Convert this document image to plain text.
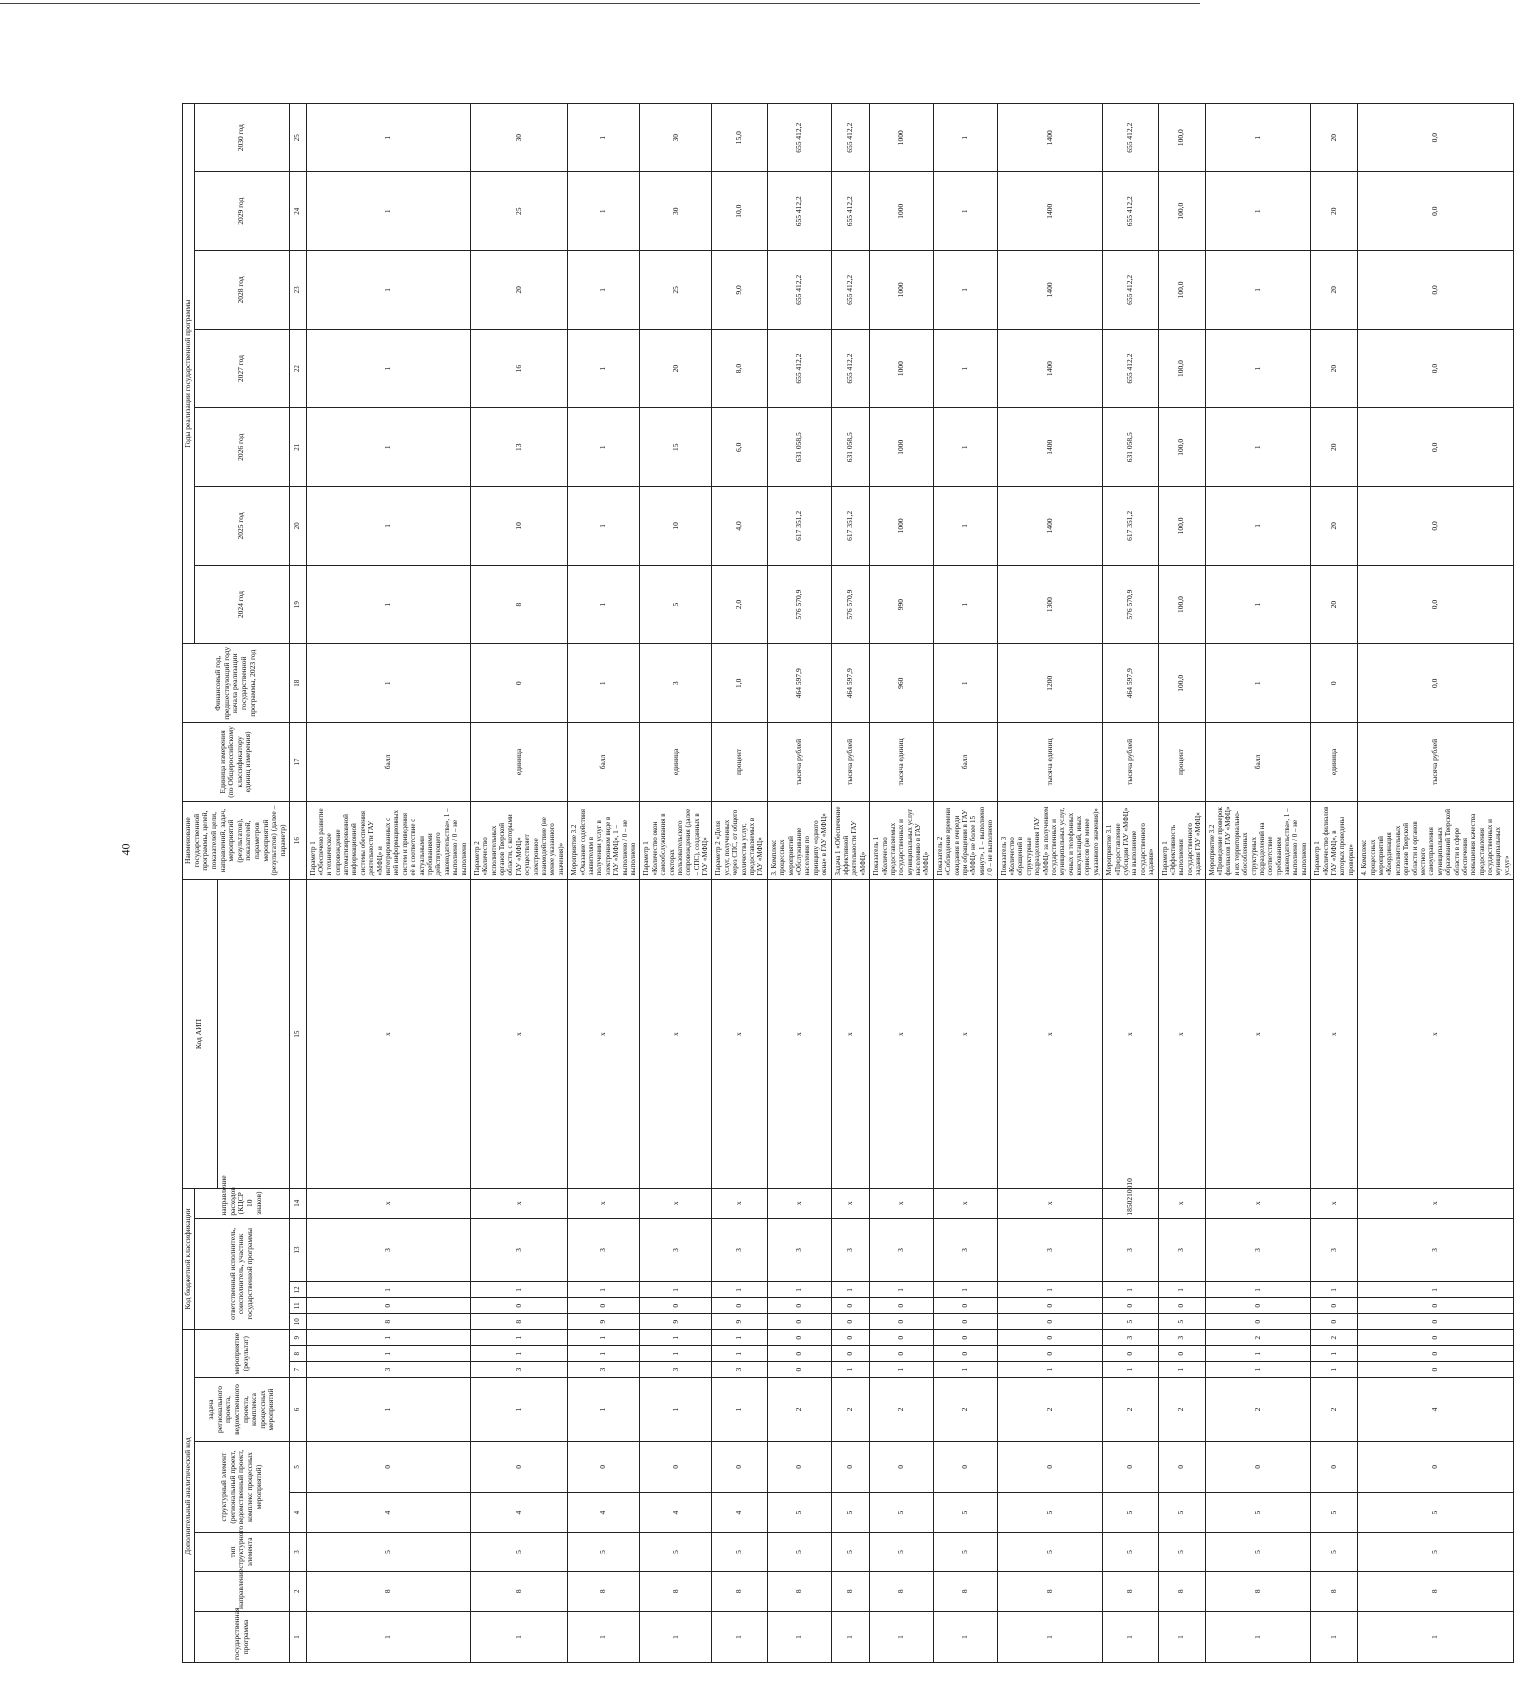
40
Дополнительный аналитический код									Код бюджетной классификации					Код АИП	Наименование государственной программы, целей, показателей цели, направлений, задач, мероприятий (результатов), показателей, параметров мероприятий (результатов) (далее – параметр)	Единица измерения (по Общероссийскому классификатору единиц измерения)	Финансовый год, предшествующий году начала реализации государственной программы, 2023 год	Годы реализации государственной программы						
государственная программа	направление	тип структурного элемента	структурный элемент (региональный проект, ведомственный проект, комплекс процессных мероприятий)		задача регионального проекта, ведомственного проекта, комплекса процессных мероприятий	мероприятие (результат)			ответственный исполнитель, соисполнитель, участник государственной программы				направление расходов (КЦСР 10 знаков)					2024 год	2025 год	2026 год	2027 год	2028 год	2029 год	2030 год

1	2	3	4	5	6	7	8	9	10	11	12	13	14	15	16	17	18	19	20	21	22	23	24	25
1	8	5	4	0	1	3	1	1	8	0	1	3	х	х	Параметр 1 «Обеспечено развитие и техническое сопровождение автоматизированной информационной системы обеспечения деятельности ГАУ «МФЦ» и интегрированных с ней информационных систем и приведения её в соответствие с актуальными требованиями действующего законодательства», 1 – выполнено / 0 – не выполнено	балл	1	1	1	1	1	1	1	1
1	8	5	4	0	1	3	1	1	8	0	1	3	х	х	Параметр 2 «Количество исполнительных органов Тверской области, с которыми ГАУ «МФЦ» осуществляет электронное взаимодействие (не менее указанного значения)»	единица	0	8	10	13	16	20	25	30
1	8	5	4	0	1	3	1	1	9	0	1	3	х	х	Мероприятие 3.2 «Оказание содействия заявителям в получении услуг в электронном виде в ГАУ «МФЦ», 1 – выполнено / 0 – не выполнено	балл	1	1	1	1	1	1	1	1
1	8	5	4	0	1	3	1	1	9	0	1	3	х	х	Параметр 1 «Количество окон самообслуживания в секторах пользовательского сопровождения (далее – СПС), созданных в ГАУ «МФЦ»	единица	3	5	10	15	20	25	30	30
1	8	5	4	0	1	3	1	1	9	0	1	3	х	х	Параметр 2 «Доля услуг, полученных через СПС, от общего количества услуг, предоставляемых в ГАУ «МФЦ»	процент	1,0	2,0	4,0	6,0	8,0	9,0	10,0	15,0
1	8	5	5	0	2	0	0	0	0	0	1	3	х	х	3. Комплекс процессных мероприятий «Обслуживание населения по принципу «одного окна» в ГАУ «МФЦ»	тысяча рублей	464 597,9	576 570,9	617 351,2	631 058,5	655 412,2	655 412,2	655 412,2	655 412,2
1	8	5	5	0	2	1	0	0	0	0	1	3	х	х	Задача 1 «Обеспечение эффективной деятельности ГАУ «МФЦ»	тысяча рублей	464 597,9	576 570,9	617 351,2	631 058,5	655 412,2	655 412,2	655 412,2	655 412,2
1	8	5	5	0	2	1	0	0	0	0	1	3	х	х	Показатель 1 «Количество предоставляемых государственных и муниципальных услуг населению в ГАУ «МФЦ»	тысяча единиц	960	990	1000	1000	1000	1000	1000	1000
1	8	5	5	0	2	1	0	0	0	0	1	3	х	х	Показатель 2 «Соблюдение времени ожидания в очереди при обращении в ГАУ «МФЦ» не более 15 минут», 1 – выполнено / 0 – не выполнено	балл	1	1	1	1	1	1	1	1
1	8	5	5	0	2	1	0	0	0	0	1	3	х	х	Показатель 3 «Количество обращений в структурные подразделения ГАУ «МФЦ» за получением государственных и муниципальных услуг, очных и телефонных консультаций, иных сервисов (не менее указанного значения)»	тысяча единиц	1200	1300	1400	1400	1400	1400	1400	1400
1	8	5	5	0	2	1	0	3	5	0	1	3	1850210010	х	Мероприятие 3.1 «Предоставление субсидии ГАУ «МФЦ» на выполнение государственного задания»	тысяча рублей	464 597,9	576 570,9	617 351,2	631 058,5	655 412,2	655 412,2	655 412,2	655 412,2
1	8	5	5	0	2	1	0	3	5	0	1	3	х	х	Параметр 1 «Эффективность выполнения государственного задания ГАУ «МФЦ»	процент	100,0	100,0	100,0	100,0	100,0	100,0	100,0	100,0
1	8	5	5	0	2	1	1	2	0	0	1	3	х	х	Мероприятие 3.2 «Проведение проверок филиалов ГАУ «МФЦ» и их территориально-обособленных структурных подразделений на соответствие требованиям законодательства», 1 – выполнено / 0 – не выполнено	балл	1	1	1	1	1	1	1	1
1	8	5	5	0	2	1	1	2	0	0	1	3	х	х	Параметр 1 «Количество филиалов ГАУ «МФЦ», в которых проведены проверки»	единица	0	20	20	20	20	20	20	20
1	8	5	5	0	4	0	0	0	0	0	1	3	х	х	4. Комплекс процессных мероприятий «Координация исполнительных органов Тверской области и органов местного самоуправления муниципальных образований Тверской области в сфере обеспечения повышения качества предоставления государственных и муниципальных услуг»	тысяча рублей	0,0	0,0	0,0	0,0	0,0	0,0	0,0	0,0
